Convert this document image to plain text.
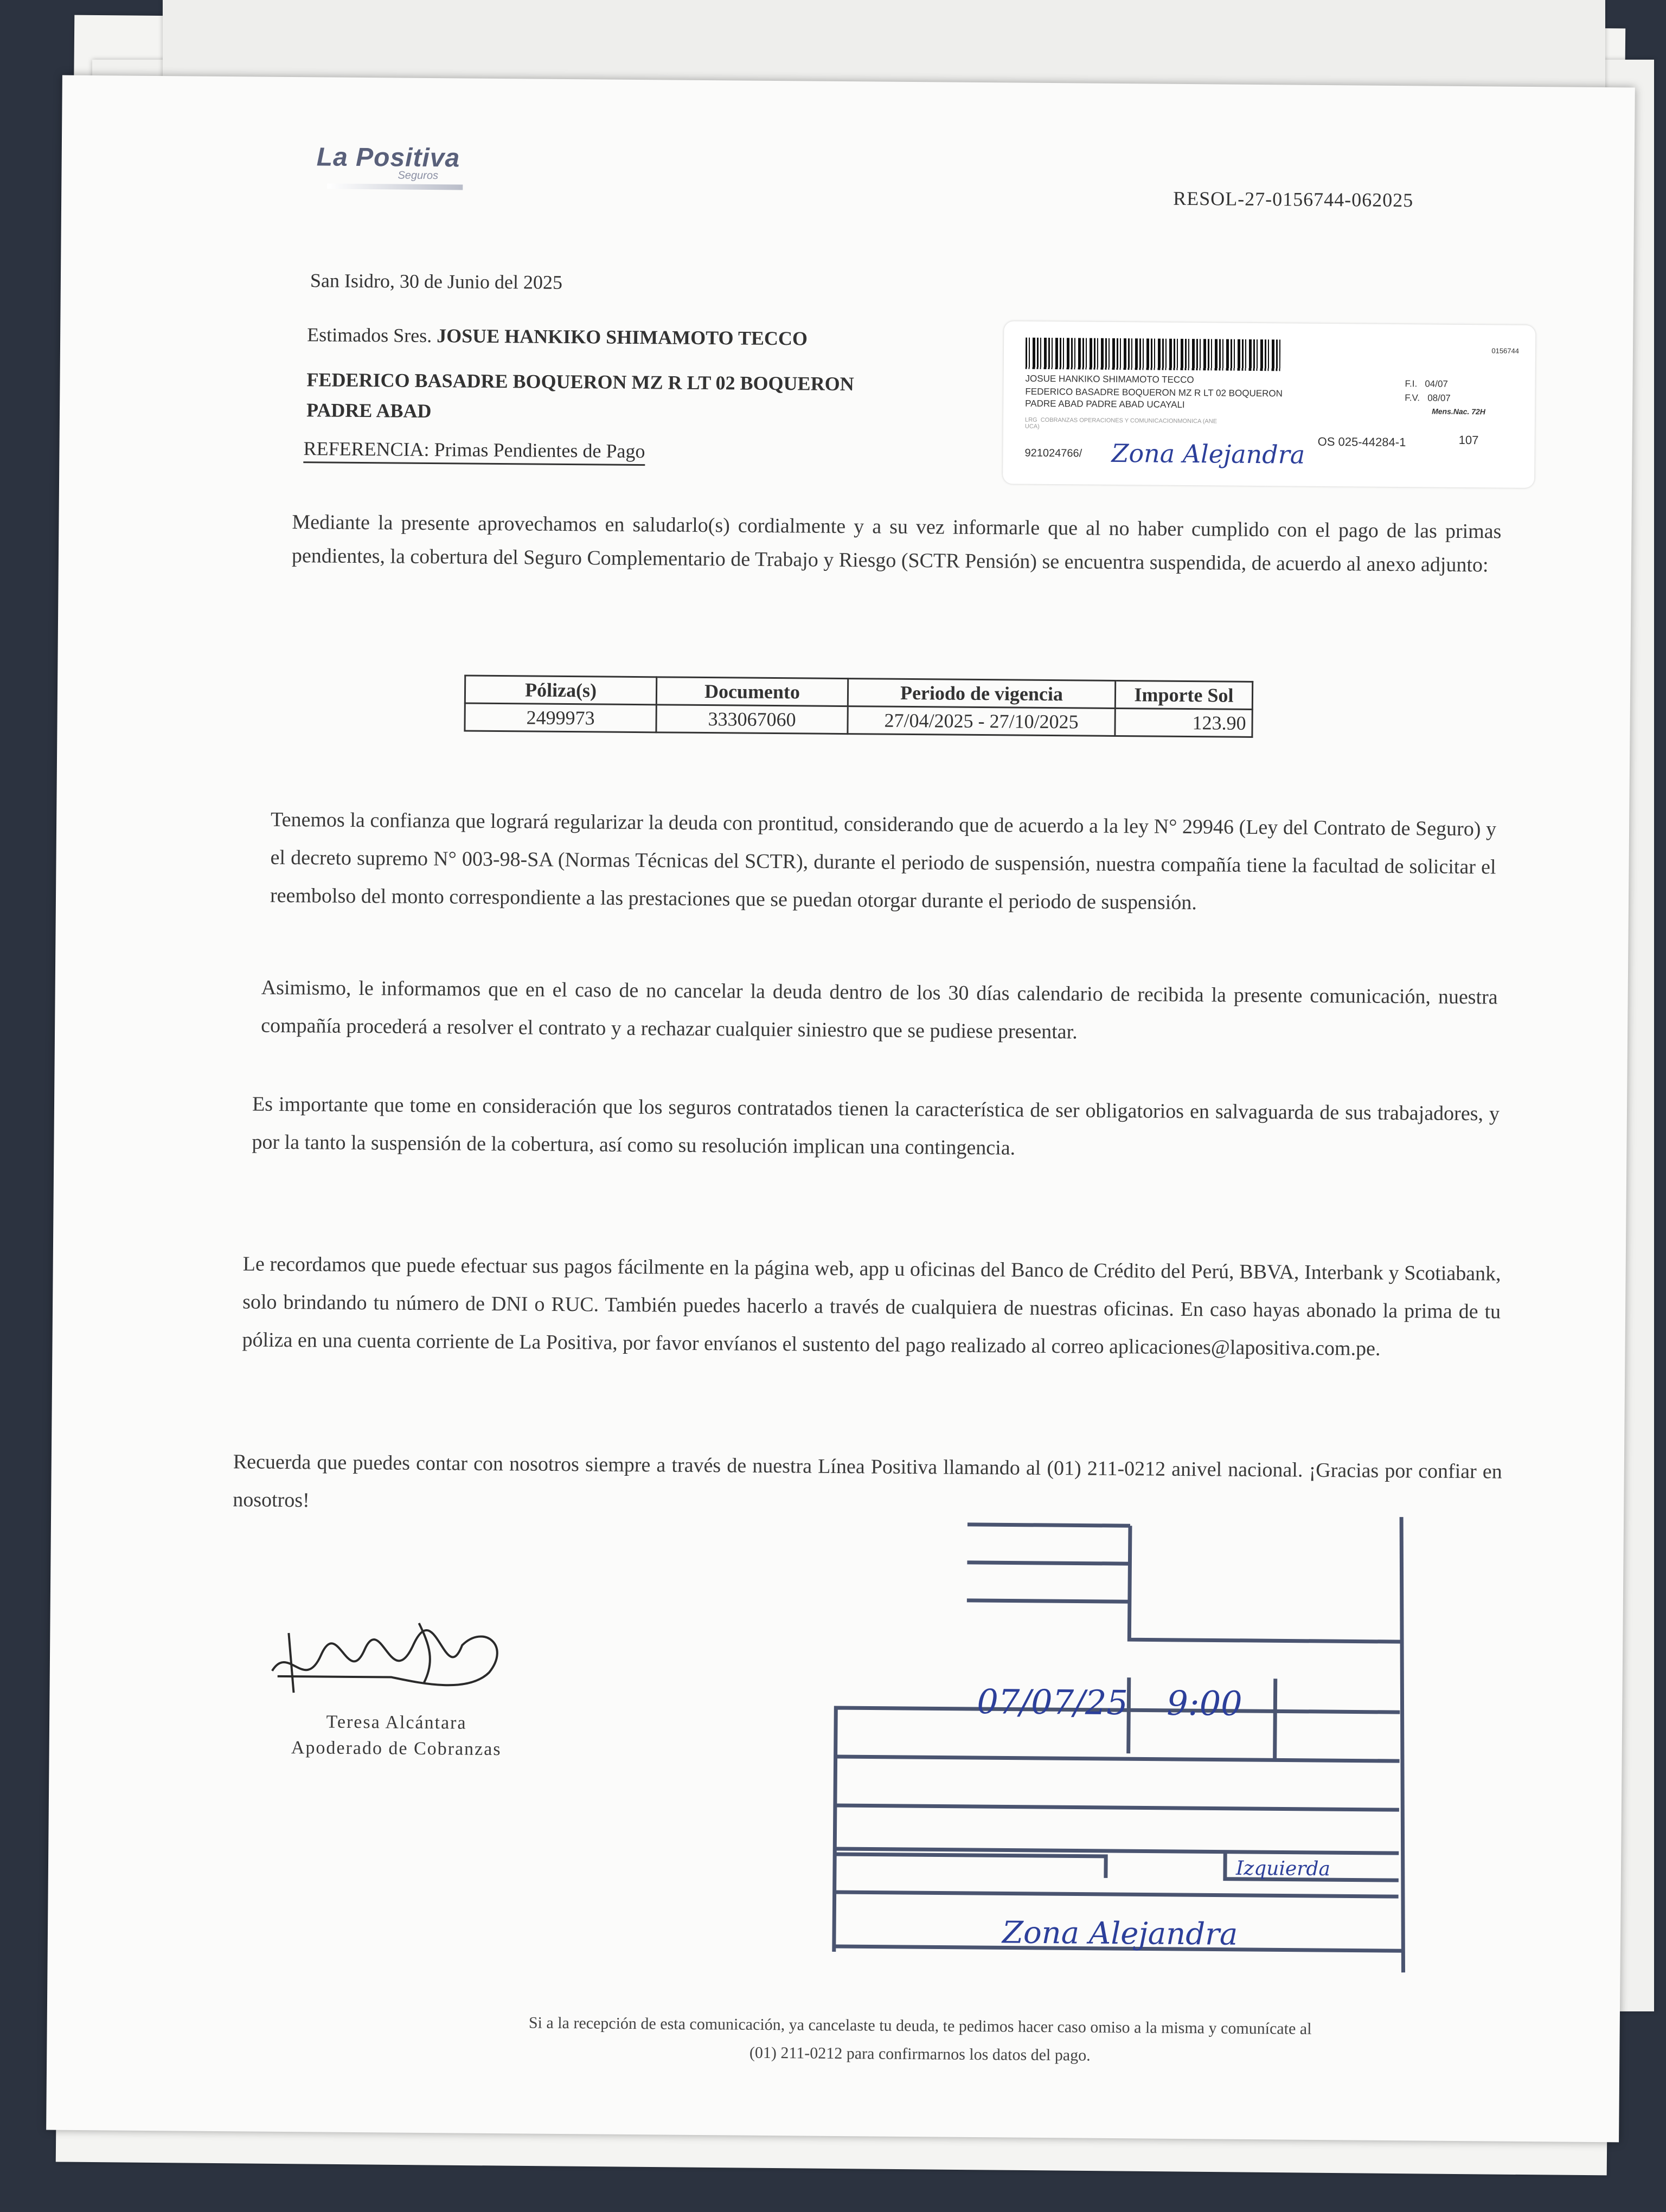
La Positiva
Seguros
RESOL-27-0156744-062025
San Isidro, 30 de Junio del 2025
Estimados Sres. JOSUE HANKIKO SHIMAMOTO TECCO
FEDERICO BASADRE BOQUERON MZ R LT 02 BOQUERON
PADRE ABAD
REFERENCIA: Primas Pendientes de Pago
0156744
JOSUE HANKIKO SHIMAMOTO TECCO
FEDERICO BASADRE BOQUERON MZ R LT 02 BOQUERON
PADRE ABAD PADRE ABAD UCAYALI
F.I. 04/07
F.V. 08/07
Mens.Nac. 72H
LRG  COBRANZAS OPERACIONES Y COMUNICACIONMONICA (ANE
UCA)
OS 025-44284-1	107
921024766/ Zona Alejandra
Mediante la presente aprovechamos en saludarlo(s) cordialmente y a su vez informarle que al no haber cumplido con el pago de las primas pendientes, la cobertura del Seguro Complementario de Trabajo y Riesgo (SCTR Pensión) se encuentra suspendida, de acuerdo al anexo adjunto:
Póliza(s)	Documento	Periodo de vigencia	Importe Sol
2499973	333067060	27/04/2025 - 27/10/2025	123.90
Tenemos la confianza que logrará regularizar la deuda con prontitud, considerando que de acuerdo a la ley N° 29946 (Ley del Contrato de Seguro) y el decreto supremo N° 003-98-SA (Normas Técnicas del SCTR), durante el periodo de suspensión, nuestra compañía tiene la facultad de solicitar el reembolso del monto correspondiente a las prestaciones que se puedan otorgar durante el periodo de suspensión.
Asimismo, le informamos que en el caso de no cancelar la deuda dentro de los 30 días calendario de recibida la presente comunicación, nuestra compañía procederá a resolver el contrato y a rechazar cualquier siniestro que se pudiese presentar.
Es importante que tome en consideración que los seguros contratados tienen la característica de ser obligatorios en salvaguarda de sus trabajadores, y por la tanto la suspensión de la cobertura, así como su resolución implican una contingencia.
Le recordamos que puede efectuar sus pagos fácilmente en la página web, app u oficinas del Banco de Crédito del Perú, BBVA, Interbank y Scotiabank, solo brindando tu número de DNI o RUC. También puedes hacerlo a través de cualquiera de nuestras oficinas. En caso hayas abonado la prima de tu póliza en una cuenta corriente de La Positiva, por favor envíanos el sustento del pago realizado al correo aplicaciones@lapositiva.com.pe.
Recuerda que puedes contar con nosotros siempre a través de nuestra Línea Positiva llamando al (01) 211-0212 anivel nacional. ¡Gracias por confiar en nosotros!
Teresa Alcántara
Apoderado de Cobranzas
07/07/25 9:00
Izquierda
Zona Alejandra
Si a la recepción de esta comunicación, ya cancelaste tu deuda, te pedimos hacer caso omiso a la misma y comunícate al
(01) 211-0212 para confirmarnos los datos del pago.
